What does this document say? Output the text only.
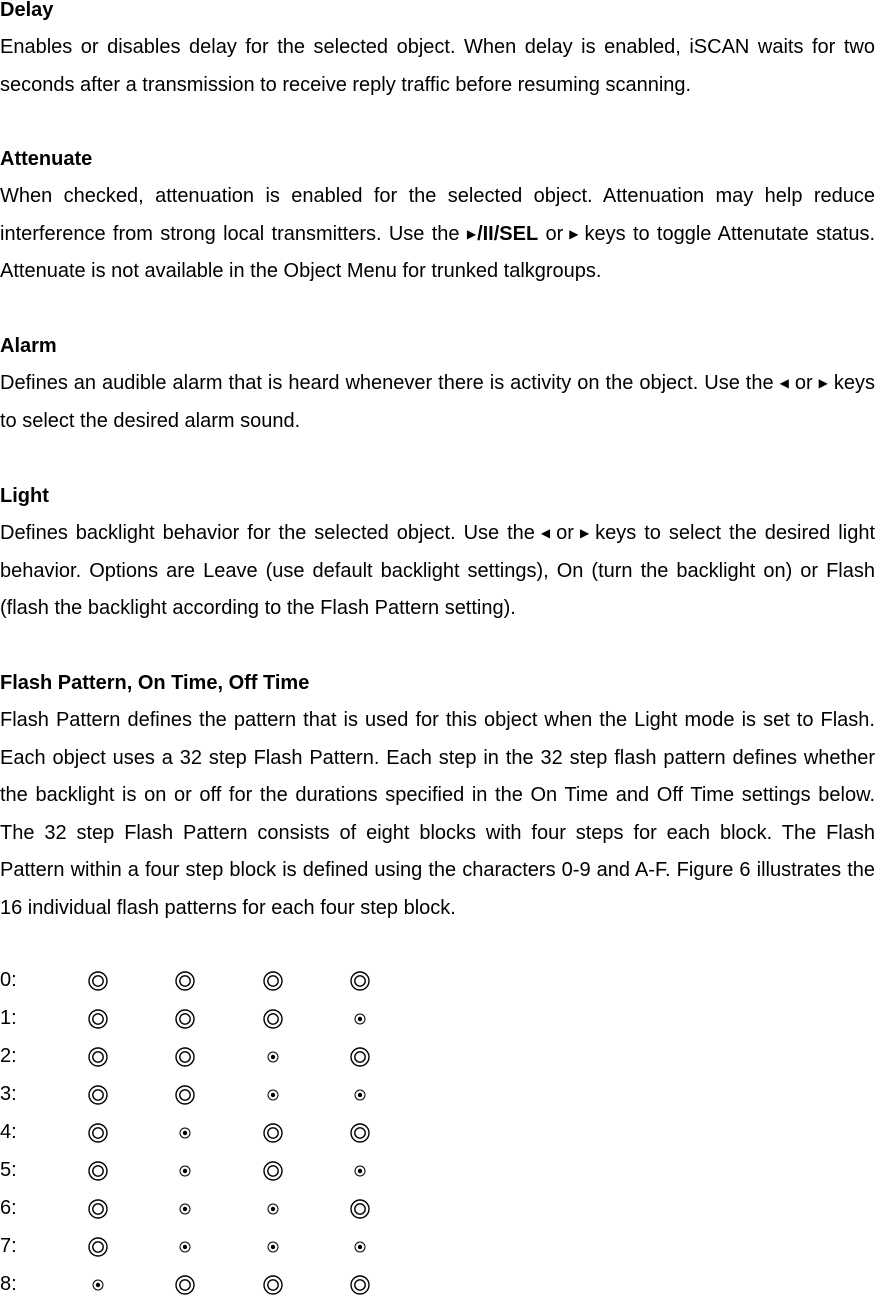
Delay

Enables or disables delay for the selected object. When delay is enabled, iSCAN waits for two seconds after a transmission to receive reply traffic before resuming scanning.

Attenuate

When checked, attenuation is enabled for the selected object. Attenuation may help reduce interference from strong local transmitters. Use the ▶/II/SEL or ▶ keys to toggle Attenutate status. Attenuate is not available in the Object Menu for trunked talkgroups.

Alarm

Defines an audible alarm that is heard whenever there is activity on the object. Use the ◀ or ▶ keys to select the desired alarm sound.

Light

Defines backlight behavior for the selected object. Use the ◀ or ▶ keys to select the desired light behavior. Options are Leave (use default backlight settings), On (turn the backlight on) or Flash (flash the backlight according to the Flash Pattern setting).

Flash Pattern, On Time, Off Time

Flash Pattern defines the pattern that is used for this object when the Light mode is set to Flash. Each object uses a 32 step Flash Pattern. Each step in the 32 step flash pattern defines whether the backlight is on or off for the durations specified in the On Time and Off Time settings below. The 32 step Flash Pattern consists of eight blocks with four steps for each block. The Flash Pattern within a four step block is defined using the characters 0-9 and A-F. Figure 6 illustrates the 16 individual flash patterns for each four step block.

0:
1:
2:
3:
4:
5:
6:
7:
8:
